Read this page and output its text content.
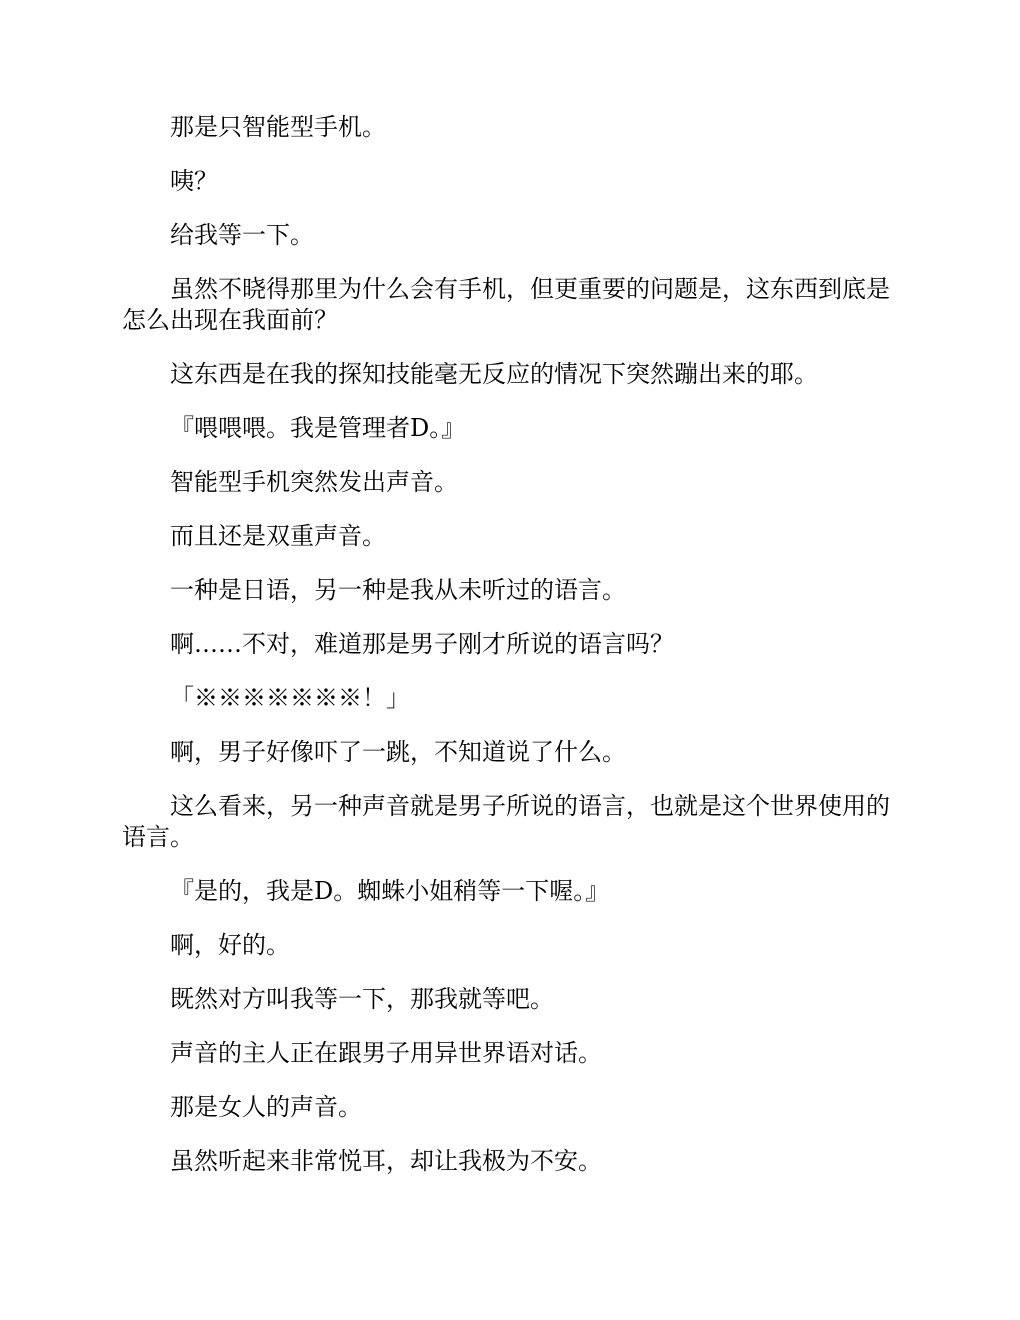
那是只智能型手机。

咦？

给我等一下。

虽然不晓得那里为什么会有手机，但更重要的问题是，这东西到底是怎么出现在我面前？

这东西是在我的探知技能毫无反应的情况下突然蹦出来的耶。

『喂喂喂。我是管理者D。』

智能型手机突然发出声音。

而且还是双重声音。

一种是日语，另一种是我从未听过的语言。

啊……不对，难道那是男子刚才所说的语言吗？

「※※※※※※※！」

啊，男子好像吓了一跳，不知道说了什么。

这么看来，另一种声音就是男子所说的语言，也就是这个世界使用的语言。

『是的，我是D。蜘蛛小姐稍等一下喔。』

啊，好的。

既然对方叫我等一下，那我就等吧。

声音的主人正在跟男子用异世界语对话。

那是女人的声音。

虽然听起来非常悦耳，却让我极为不安。
